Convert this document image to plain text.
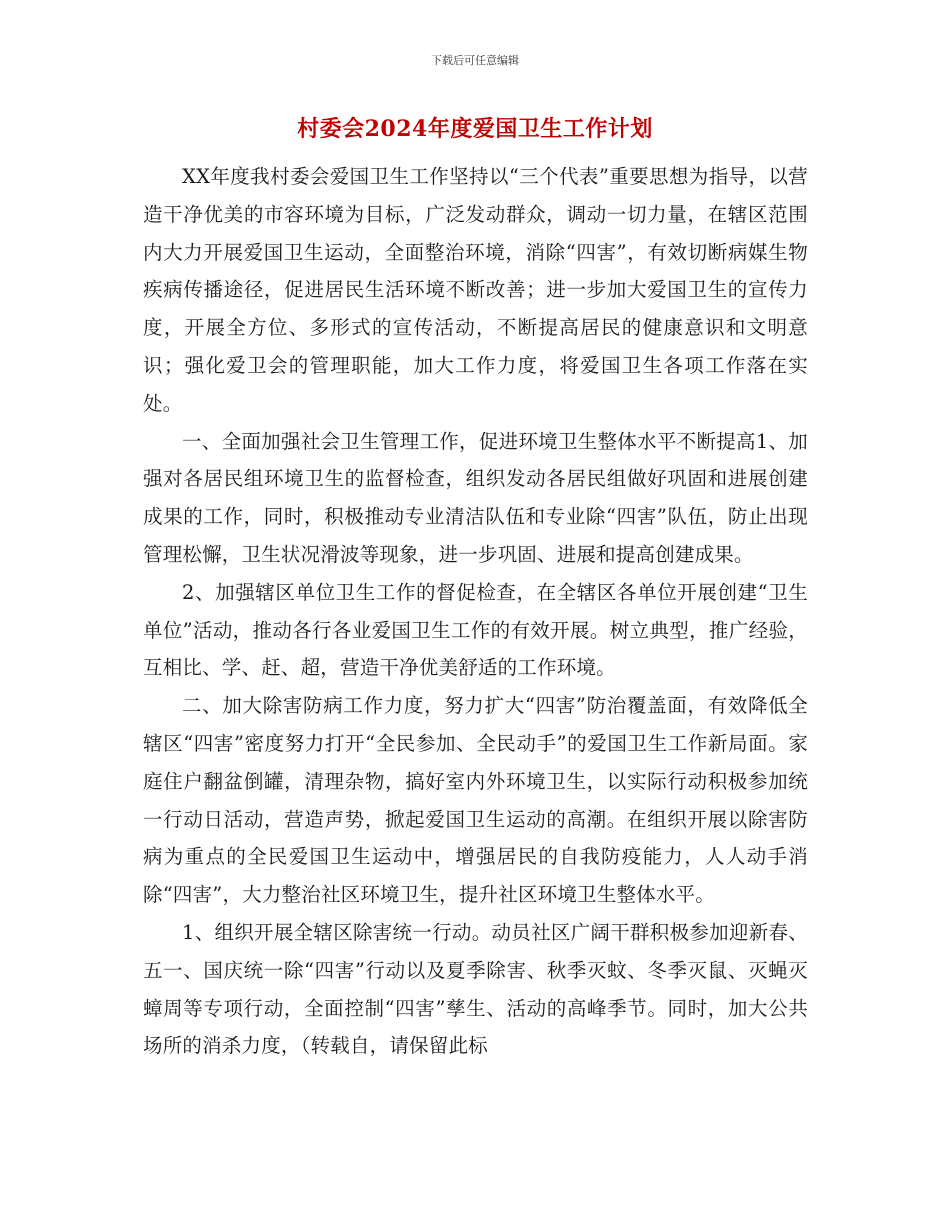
下载后可任意编辑
村委会2024年度爱国卫生工作计划

XX年度我村委会爱国卫生工作坚持以“三个代表”重要思想为指导，以营造干净优美的市容环境为目标，广泛发动群众，调动一切力量，在辖区范围内大力开展爱国卫生运动，全面整治环境，消除“四害”，有效切断病媒生物疾病传播途径，促进居民生活环境不断改善；进一步加大爱国卫生的宣传力度，开展全方位、多形式的宣传活动，不断提高居民的健康意识和文明意识；强化爱卫会的管理职能，加大工作力度，将爱国卫生各项工作落在实处。

一、全面加强社会卫生管理工作，促进环境卫生整体水平不断提高1、加强对各居民组环境卫生的监督检查，组织发动各居民组做好巩固和进展创建成果的工作，同时，积极推动专业清洁队伍和专业除“四害”队伍，防止出现管理松懈，卫生状况滑波等现象，进一步巩固、进展和提高创建成果。

2、加强辖区单位卫生工作的督促检查，在全辖区各单位开展创建“卫生单位”活动，推动各行各业爱国卫生工作的有效开展。树立典型，推广经验，互相比、学、赶、超，营造干净优美舒适的工作环境。

二、加大除害防病工作力度，努力扩大“四害”防治覆盖面，有效降低全辖区“四害”密度努力打开“全民参加、全民动手”的爱国卫生工作新局面。家庭住户翻盆倒罐，清理杂物，搞好室内外环境卫生，以实际行动积极参加统一行动日活动，营造声势，掀起爱国卫生运动的高潮。在组织开展以除害防病为重点的全民爱国卫生运动中，增强居民的自我防疫能力，人人动手消除“四害”，大力整治社区环境卫生，提升社区环境卫生整体水平。

1、组织开展全辖区除害统一行动。动员社区广阔干群积极参加迎新春、五一、国庆统一除“四害”行动以及夏季除害、秋季灭蚊、冬季灭鼠、灭蝇灭蟑周等专项行动，全面控制“四害”孳生、活动的高峰季节。同时，加大公共场所的消杀力度，（转载自，请保留此标
